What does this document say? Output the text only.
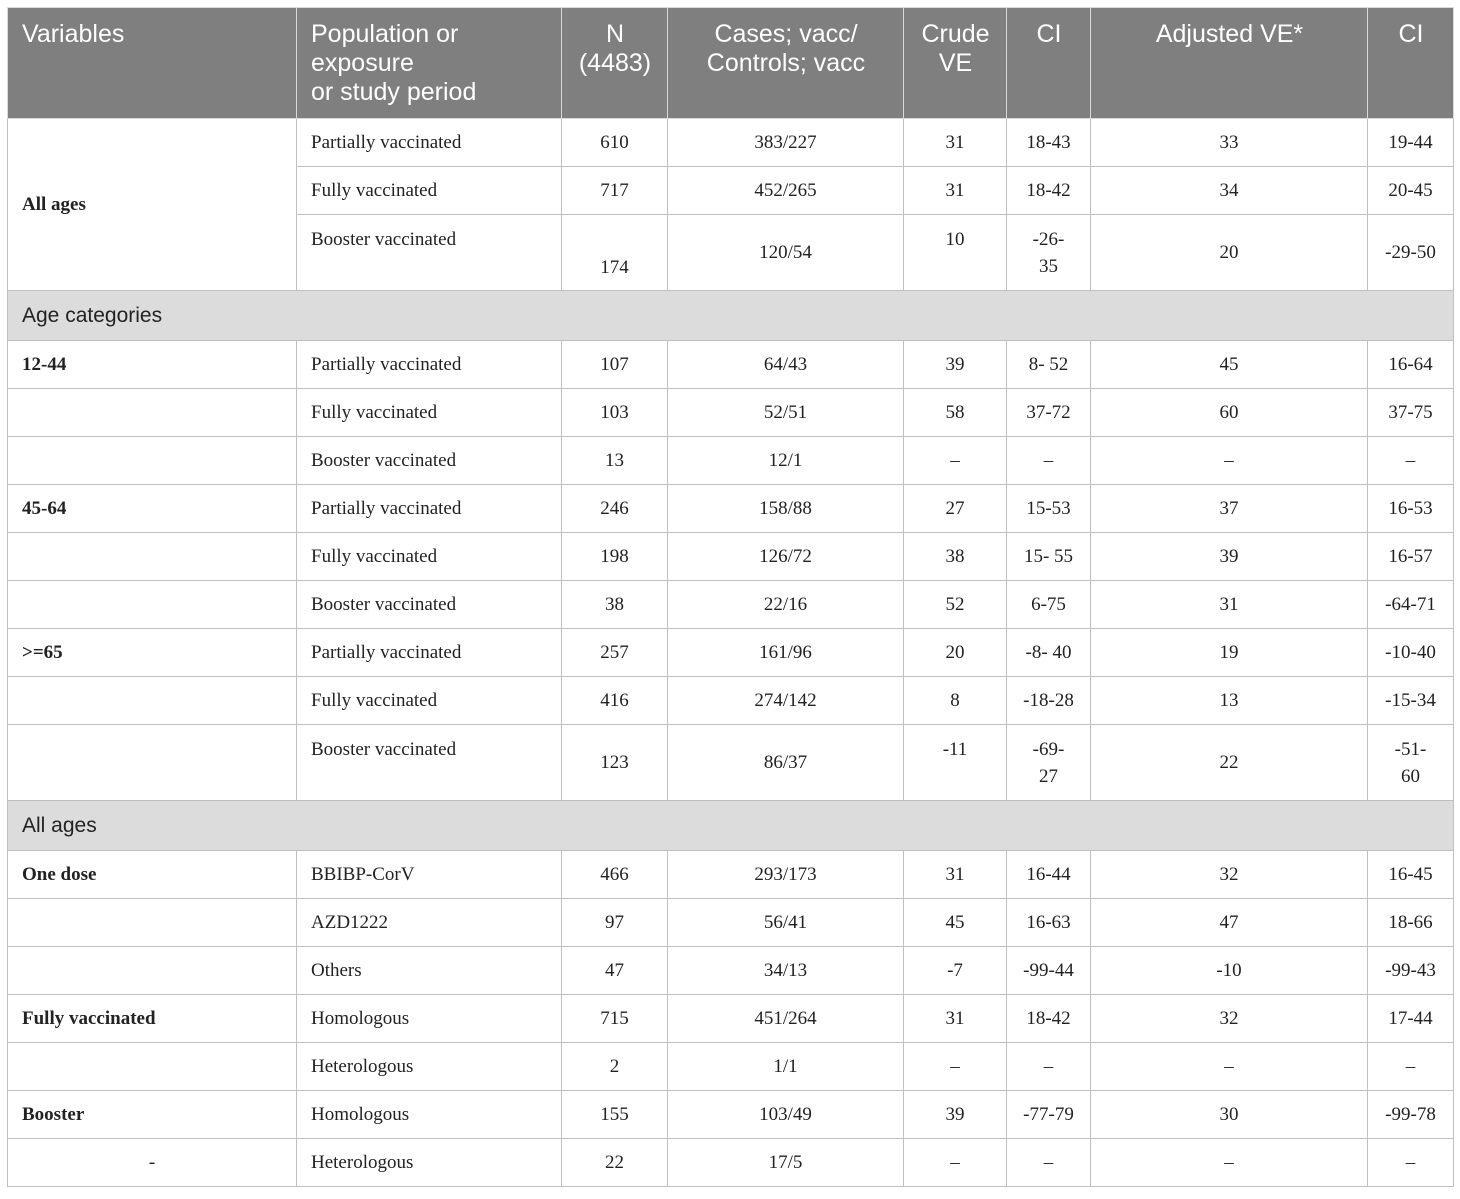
Variables	Population or
exposure
or study period	N
(4483)	Cases; vacc/
Controls; vacc	Crude
VE	CI	Adjusted VE*	CI
All ages	Partially vaccinated	610	383/227	31	18-43	33	19-44
	Fully vaccinated	717	452/265	31	18-42	34	20-45
	Booster vaccinated	174	120/54	10	-26-
35	20	-29-50
Age categories							
12-44	Partially vaccinated	107	64/43	39	8- 52	45	16-64
	Fully vaccinated	103	52/51	58	37-72	60	37-75
	Booster vaccinated	13	12/1	–	–	–	–
45-64	Partially vaccinated	246	158/88	27	15-53	37	16-53
	Fully vaccinated	198	126/72	38	15- 55	39	16-57
	Booster vaccinated	38	22/16	52	6-75	31	-64-71
>=65	Partially vaccinated	257	161/96	20	-8- 40	19	-10-40
	Fully vaccinated	416	274/142	8	-18-28	13	-15-34
	Booster vaccinated	123	86/37	-11	-69-
27	22	-51-
60
All ages							
One dose	BBIBP-CorV	466	293/173	31	16-44	32	16-45
	AZD1222	97	56/41	45	16-63	47	18-66
	Others	47	34/13	-7	-99-44	-10	-99-43
Fully vaccinated	Homologous	715	451/264	31	18-42	32	17-44
	Heterologous	2	1/1	–	–	–	–
Booster	Homologous	155	103/49	39	-77-79	30	-99-78
-	Heterologous	22	17/5	–	–	–	–
